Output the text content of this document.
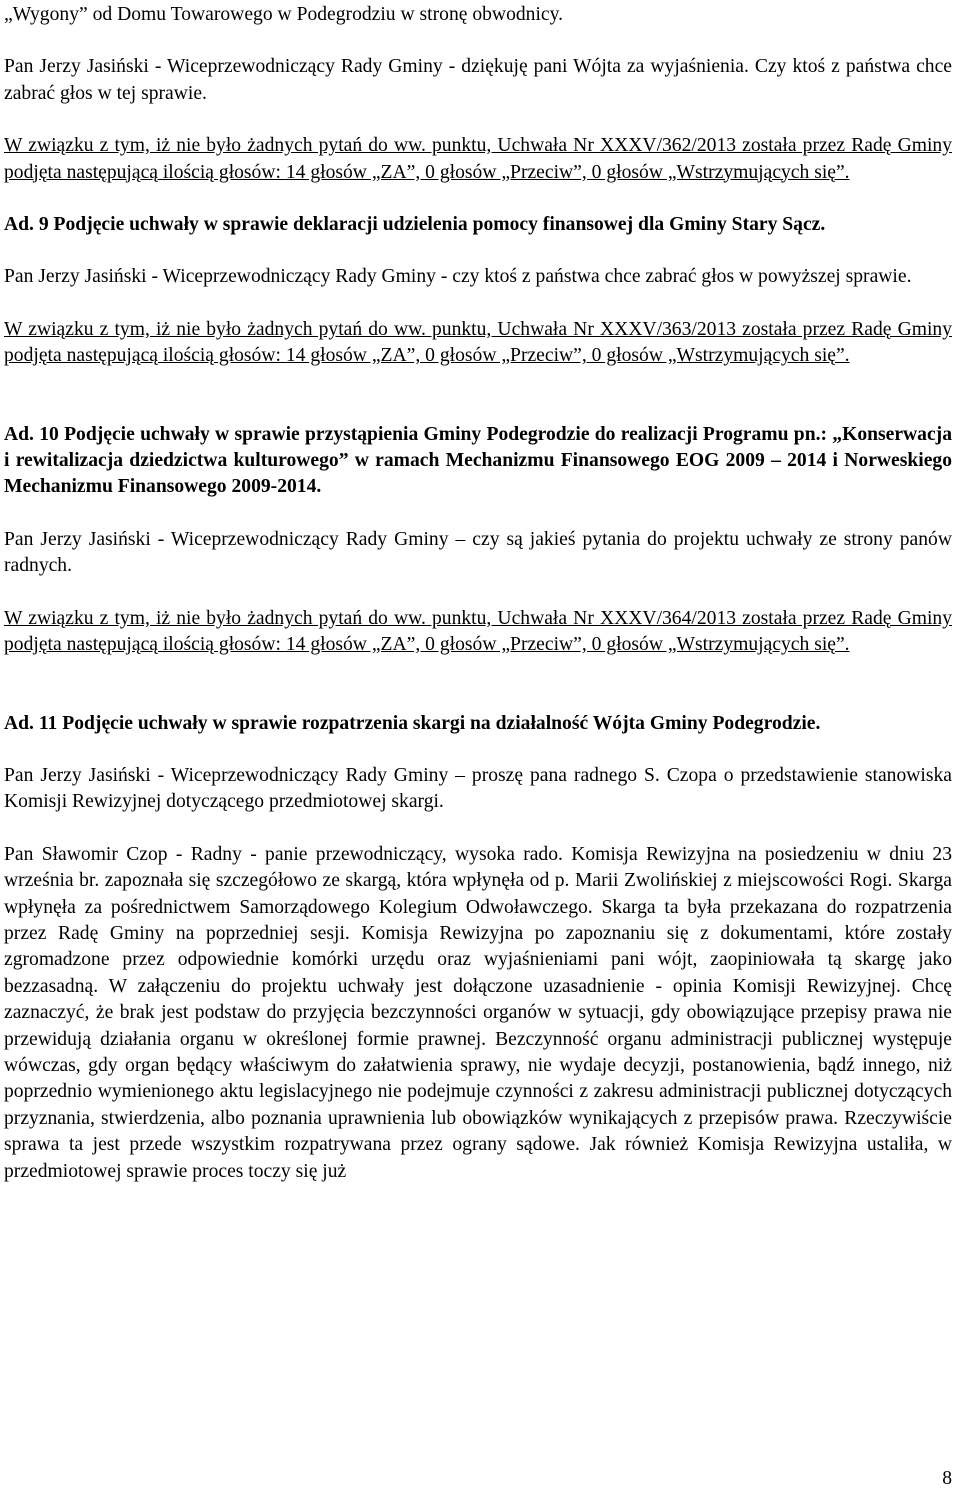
„Wygony” od Domu Towarowego w Podegrodziu w stronę obwodnicy.

Pan Jerzy Jasiński - Wiceprzewodniczący Rady Gminy - dziękuję pani Wójta za wyjaśnienia. Czy ktoś z państwa chce zabrać głos w tej sprawie.

W związku z tym, iż nie było żadnych pytań do ww. punktu, Uchwała Nr XXXV/362/2013 została przez Radę Gminy podjęta następującą ilością głosów: 14 głosów „ZA”, 0 głosów „Przeciw”, 0 głosów „Wstrzymujących się”.

Ad. 9 Podjęcie uchwały w sprawie deklaracji udzielenia pomocy finansowej dla Gminy Stary Sącz.

Pan Jerzy Jasiński - Wiceprzewodniczący Rady Gminy - czy ktoś z państwa chce zabrać głos w powyższej sprawie.

W związku z tym, iż nie było żadnych pytań do ww. punktu, Uchwała Nr XXXV/363/2013 została przez Radę Gminy podjęta następującą ilością głosów: 14 głosów „ZA”, 0 głosów „Przeciw”, 0 głosów „Wstrzymujących się”.

Ad. 10 Podjęcie uchwały w sprawie przystąpienia Gminy Podegrodzie do realizacji Programu pn.: „Konserwacja i rewitalizacja dziedzictwa kulturowego” w ramach Mechanizmu Finansowego EOG 2009 – 2014 i Norweskiego Mechanizmu Finansowego 2009-2014.

Pan Jerzy Jasiński - Wiceprzewodniczący Rady Gminy – czy są jakieś pytania do projektu uchwały ze strony panów radnych.

W związku z tym, iż nie było żadnych pytań do ww. punktu, Uchwała Nr XXXV/364/2013 została przez Radę Gminy podjęta następującą ilością głosów: 14 głosów „ZA”, 0 głosów „Przeciw”, 0 głosów „Wstrzymujących się”.

Ad. 11 Podjęcie uchwały w sprawie rozpatrzenia skargi na działalność Wójta Gminy Podegrodzie.

Pan Jerzy Jasiński - Wiceprzewodniczący Rady Gminy – proszę pana radnego S. Czopa o przedstawienie stanowiska Komisji Rewizyjnej dotyczącego przedmiotowej skargi.

Pan Sławomir Czop - Radny - panie przewodniczący, wysoka rado. Komisja Rewizyjna na posiedzeniu w dniu 23 września br. zapoznała się szczegółowo ze skargą, która wpłynęła od p. Marii Zwolińskiej z miejscowości Rogi. Skarga wpłynęła za pośrednictwem Samorządowego Kolegium Odwoławczego. Skarga ta była przekazana do rozpatrzenia przez Radę Gminy na poprzedniej sesji. Komisja Rewizyjna po zapoznaniu się z dokumentami, które zostały zgromadzone przez odpowiednie komórki urzędu oraz wyjaśnieniami pani wójt, zaopiniowała tą skargę jako bezzasadną. W załączeniu do projektu uchwały jest dołączone uzasadnienie - opinia Komisji Rewizyjnej. Chcę zaznaczyć, że brak jest podstaw do przyjęcia bezczynności organów w sytuacji, gdy obowiązujące przepisy prawa nie przewidują działania organu w określonej formie prawnej. Bezczynność organu administracji publicznej występuje wówczas, gdy organ będący właściwym do załatwienia sprawy, nie wydaje decyzji, postanowienia, bądź innego, niż poprzednio wymienionego aktu legislacyjnego nie podejmuje czynności z zakresu administracji publicznej dotyczących przyznania, stwierdzenia, albo poznania uprawnienia lub obowiązków wynikających z przepisów prawa. Rzeczywiście sprawa ta jest przede wszystkim rozpatrywana przez ograny sądowe. Jak również Komisja Rewizyjna ustaliła, w przedmiotowej sprawie proces toczy się już

8
